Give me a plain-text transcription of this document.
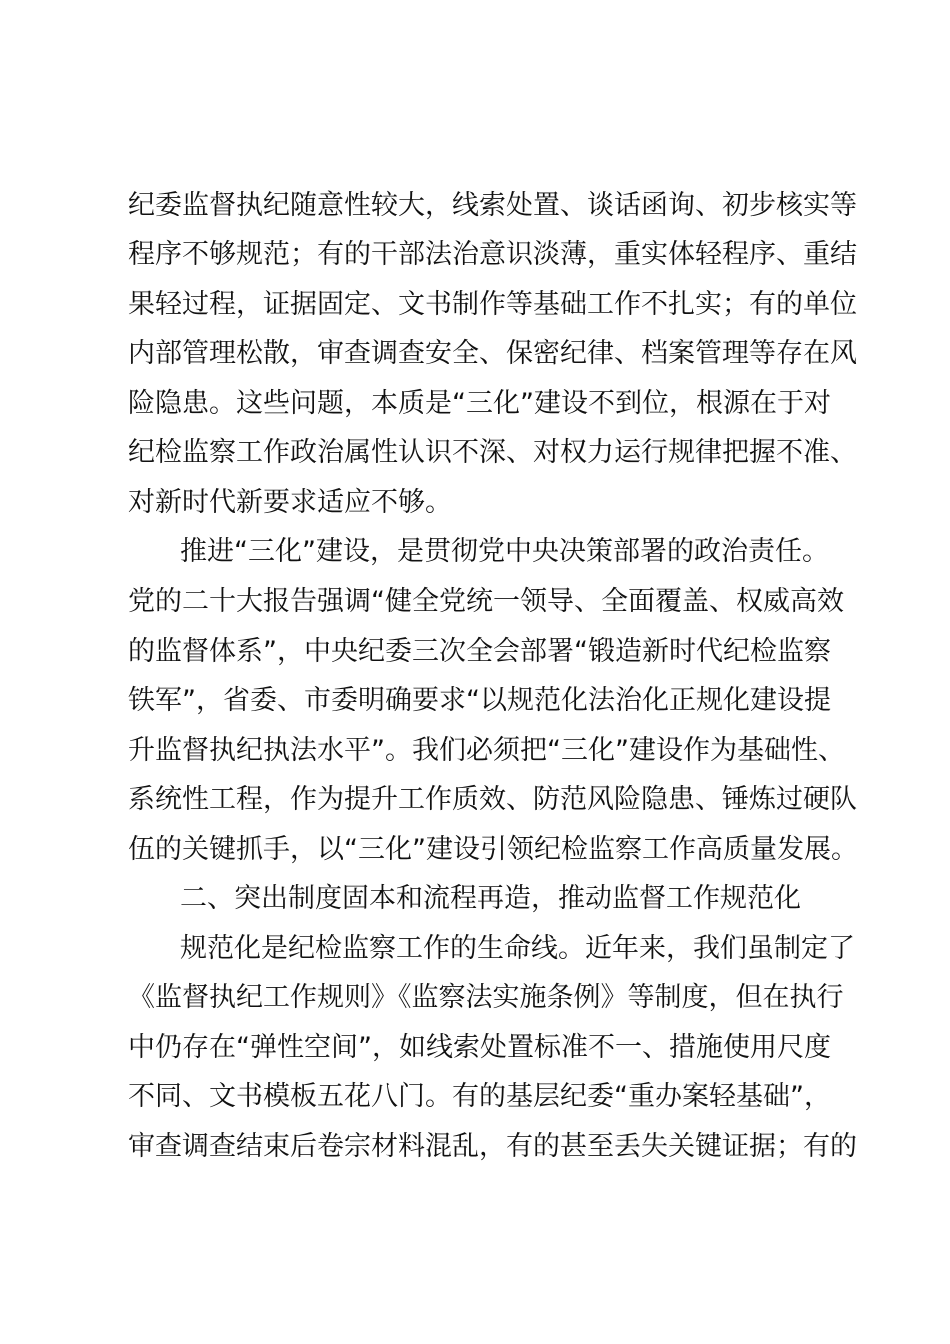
纪委监督执纪随意性较大，线索处置、谈话函询、初步核实等
程序不够规范；有的干部法治意识淡薄，重实体轻程序、重结
果轻过程，证据固定、文书制作等基础工作不扎实；有的单位
内部管理松散，审查调查安全、保密纪律、档案管理等存在风
险隐患。这些问题，本质是“三化”建设不到位，根源在于对
纪检监察工作政治属性认识不深、对权力运行规律把握不准、
对新时代新要求适应不够。
推进“三化”建设，是贯彻党中央决策部署的政治责任。
党的二十大报告强调“健全党统一领导、全面覆盖、权威高效
的监督体系”，中央纪委三次全会部署“锻造新时代纪检监察
铁军”，省委、市委明确要求“以规范化法治化正规化建设提
升监督执纪执法水平”。我们必须把“三化”建设作为基础性、
系统性工程，作为提升工作质效、防范风险隐患、锤炼过硬队
伍的关键抓手，以“三化”建设引领纪检监察工作高质量发展。
二、突出制度固本和流程再造，推动监督工作规范化
规范化是纪检监察工作的生命线。近年来，我们虽制定了
《监督执纪工作规则》《监察法实施条例》等制度，但在执行
中仍存在“弹性空间”，如线索处置标准不一、措施使用尺度
不同、文书模板五花八门。有的基层纪委“重办案轻基础”，
审查调查结束后卷宗材料混乱，有的甚至丢失关键证据；有的
